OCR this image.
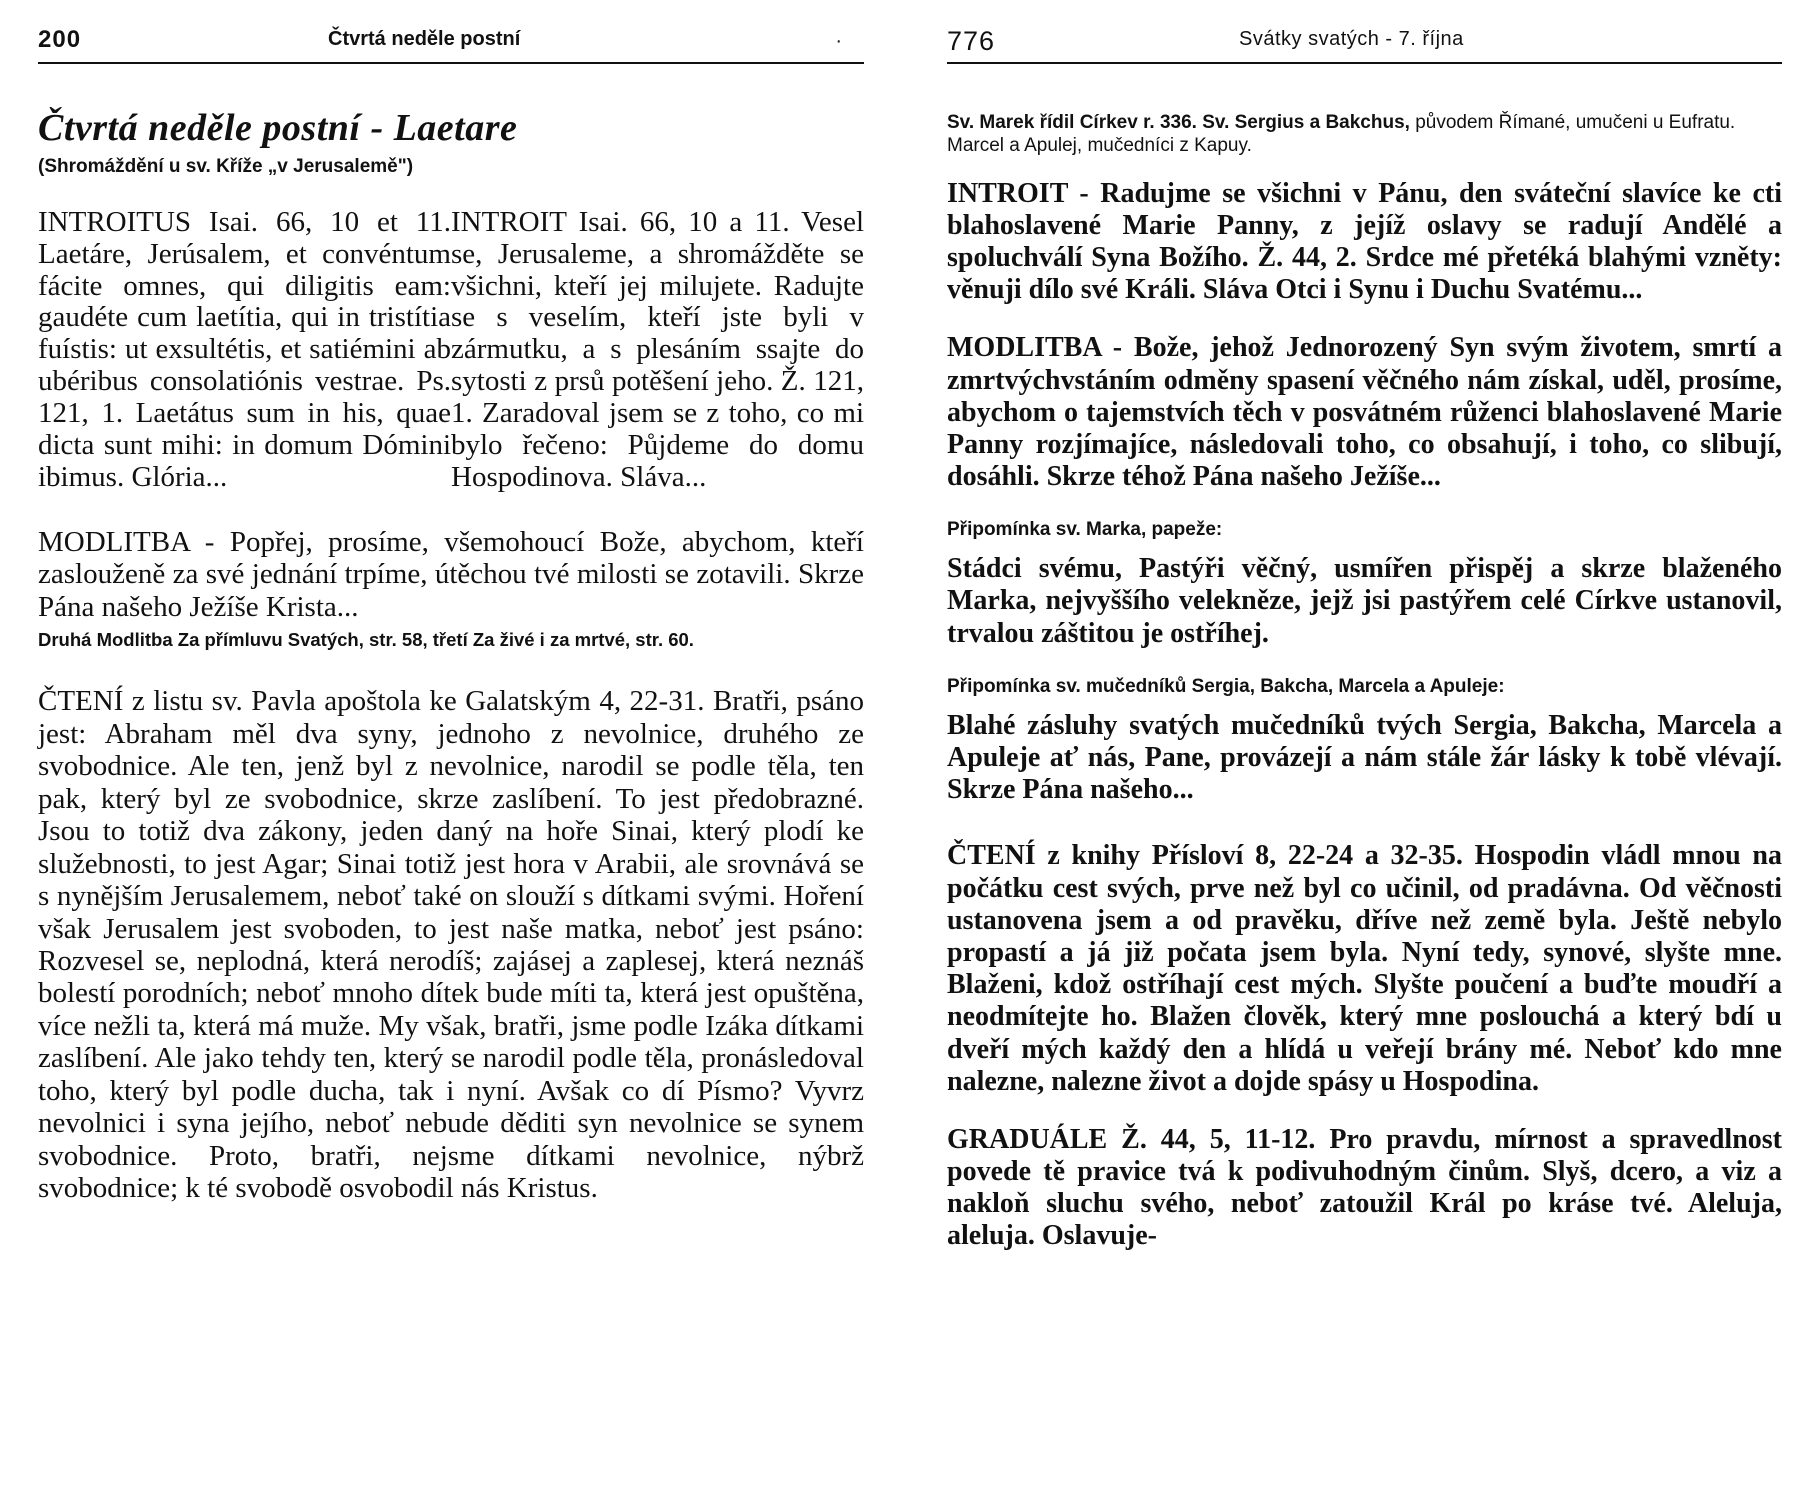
200	Čtvrtá neděle postní	·
Čtvrtá neděle postní - Laetare
(Shromáždění u sv. Kříže „v Jerusalemě")
INTROITUS Isai. 66, 10 et 11. Laetáre, Jerúsalem, et convéntum fácite omnes, qui diligitis eam: gaudéte cum laetítia, qui in tristítia fuístis: ut exsultétis, et satiémini ab ubéribus consolatiónis vestrae. Ps. 121, 1. Laetátus sum in his, quae dicta sunt mihi: in domum Dómini ibimus. Glória...
INTROIT Isai. 66, 10 a 11. Vesel se, Jerusaleme, a shromážděte se všichni, kteří jej milujete. Radujte se s veselím, kteří jste byli v zármutku, a s plesáním ssajte do sytosti z prsů potěšení jeho. Ž. 121, 1. Zaradoval jsem se z toho, co mi bylo řečeno: Půjdeme do domu Hospodinova. Sláva...
MODLITBA - Popřej, prosíme, všemohoucí Bože, abychom, kteří zaslouženě za své jednání trpíme, útěchou tvé milosti se zotavili. Skrze Pána našeho Ježíše Krista...
Druhá Modlitba Za přímluvu Svatých, str. 58, třetí Za živé i za mrtvé, str. 60.
ČTENÍ z listu sv. Pavla apoštola ke Galatským 4, 22-31. Bratři, psáno jest: Abraham měl dva syny, jednoho z nevolnice, druhého ze svobodnice. Ale ten, jenž byl z nevolnice, narodil se podle těla, ten pak, který byl ze svobodnice, skrze zaslíbení. To jest předobrazné. Jsou to totiž dva zákony, jeden daný na hoře Sinai, který plodí ke služebnosti, to jest Agar; Sinai totiž jest hora v Arabii, ale srovnává se s nynějším Jerusalemem, neboť také on slouží s dítkami svými. Hoření však Jerusalem jest svoboden, to jest naše matka, neboť jest psáno: Rozvesel se, neplodná, která nerodíš; zajásej a zaplesej, která neznáš bolestí porodních; neboť mnoho dítek bude míti ta, která jest opuštěna, více nežli ta, která má muže. My však, bratři, jsme podle Izáka dítkami zaslíbení. Ale jako tehdy ten, který se narodil podle těla, pronásledoval toho, který byl podle ducha, tak i nyní. Avšak co dí Písmo? Vyvrz nevolnici i syna jejího, neboť nebude děditi syn nevolnice se synem svobodnice. Proto, bratři, nejsme dítkami nevolnice, nýbrž svobodnice; k té svobodě osvobodil nás Kristus.
776	Svátky svatých - 7. října
Sv. Marek řídil Církev r. 336. Sv. Sergius a Bakchus, původem Římané, umučeni u Eufratu. Marcel a Apulej, mučedníci z Kapuy.
INTROIT - Radujme se všichni v Pánu, den sváteční slavíce ke cti blahoslavené Marie Panny, z jejíž oslavy se radují Andělé a spoluchválí Syna Božího. Ž. 44, 2. Srdce mé přetéká blahými vzněty: věnuji dílo své Králi. Sláva Otci i Synu i Duchu Svatému...
MODLITBA - Bože, jehož Jednorozený Syn svým životem, smrtí a zmrtvýchvstáním odměny spasení věčného nám získal, uděl, prosíme, abychom o tajemstvích těch v posvátném růženci blahoslavené Marie Panny rozjímajíce, následovali toho, co obsahují, i toho, co slibují, dosáhli. Skrze téhož Pána našeho Ježíše...
Připomínka sv. Marka, papeže:
Stádci svému, Pastýři věčný, usmířen přispěj a skrze blaženého Marka, nejvyššího velekněze, jejž jsi pastýřem celé Církve ustanovil, trvalou záštitou je ostříhej.
Připomínka sv. mučedníků Sergia, Bakcha, Marcela a Apuleje:
Blahé zásluhy svatých mučedníků tvých Sergia, Bakcha, Marcela a Apuleje ať nás, Pane, provázejí a nám stále žár lásky k tobě vlévají. Skrze Pána našeho...
ČTENÍ z knihy Přísloví 8, 22-24 a 32-35. Hospodin vládl mnou na počátku cest svých, prve než byl co učinil, od pradávna. Od věčnosti ustanovena jsem a od pravěku, dříve než země byla. Ještě nebylo propastí a já již počata jsem byla. Nyní tedy, synové, slyšte mne. Blaženi, kdož ostříhají cest mých. Slyšte poučení a buďte moudří a neodmítejte ho. Blažen člověk, který mne poslouchá a který bdí u dveří mých každý den a hlídá u veřejí brány mé. Neboť kdo mne nalezne, nalezne život a dojde spásy u Hospodina.
GRADUÁLE Ž. 44, 5, 11-12. Pro pravdu, mírnost a spravedlnost povede tě pravice tvá k podivuhodným činům. Slyš, dcero, a viz a nakloň sluchu svého, neboť zatoužil Král po kráse tvé. Aleluja, aleluja. Oslavuje-
